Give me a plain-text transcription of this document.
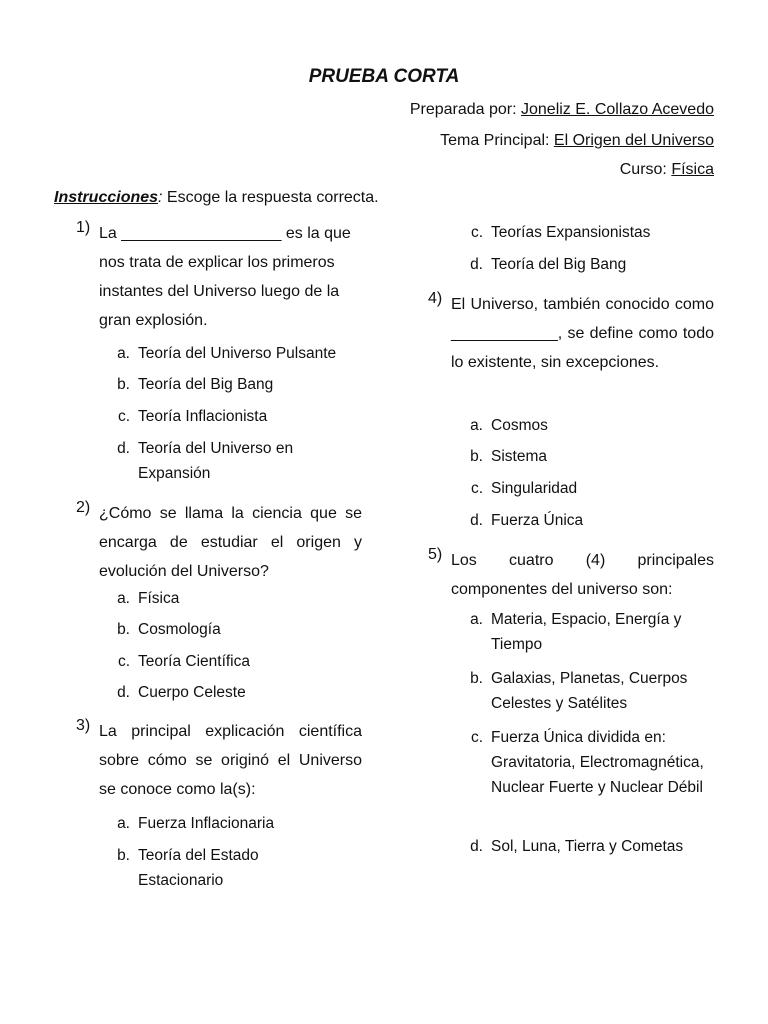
PRUEBA CORTA
Preparada por: Joneliz E. Collazo Acevedo
Tema Principal: El Origen del Universo
Curso: Física
Instrucciones: Escoge la respuesta correcta.
1) La __________________ es la que nos trata de explicar los primeros instantes del Universo luego de la gran explosión.
a. Teoría del Universo Pulsante
b. Teoría del Big Bang
c. Teoría Inflacionista
d. Teoría del Universo en Expansión
2) ¿Cómo se llama la ciencia que se encarga de estudiar el origen y evolución del Universo?
a. Física
b. Cosmología
c. Teoría Científica
d. Cuerpo Celeste
3) La principal explicación científica sobre cómo se originó el Universo se conoce como la(s):
a. Fuerza Inflacionaria
b. Teoría del Estado Estacionario
c. Teorías Expansionistas
d. Teoría del Big Bang
4) El Universo, también conocido como ____________, se define como todo lo existente, sin excepciones.
a. Cosmos
b. Sistema
c. Singularidad
d. Fuerza Única
5) Los cuatro (4) principales componentes del universo son:
a. Materia, Espacio, Energía y Tiempo
b. Galaxias, Planetas, Cuerpos Celestes y Satélites
c. Fuerza Única dividida en: Gravitatoria, Electromagnética, Nuclear Fuerte y Nuclear Débil
d. Sol, Luna, Tierra y Cometas
